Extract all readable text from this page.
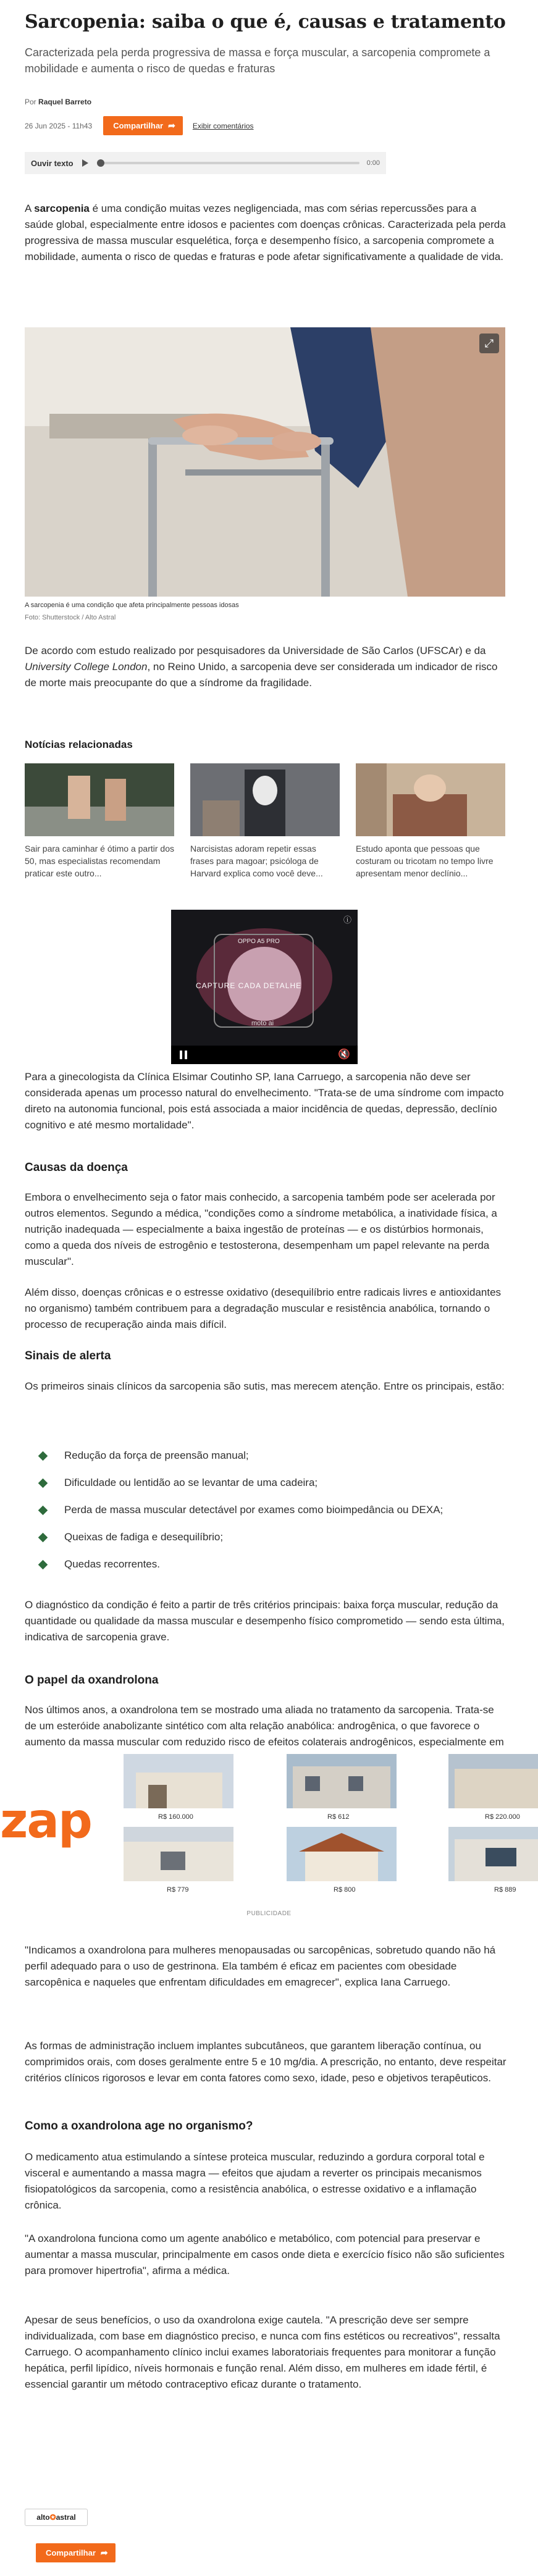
Sarcopenia: saiba o que é, causas e tratamento

Caracterizada pela perda progressiva de massa e força muscular, a sarcopenia compromete a mobilidade e aumenta o risco de quedas e fraturas

Por Raquel Barreto
26 Jun 2025 - 11h43	Compartilhar ➦ Exibir comentários
Ouvir texto	0:00

A sarcopenia é uma condição muitas vezes negligenciada, mas com sérias repercussões para a saúde global, especialmente entre idosos e pacientes com doenças crônicas. Caracterizada pela perda progressiva de massa muscular esquelética, força e desempenho físico, a sarcopenia compromete a mobilidade, aumenta o risco de quedas e fraturas e pode afetar significativamente a qualidade de vida.

⤢
A sarcopenia é uma condição que afeta principalmente pessoas idosas
Foto: Shutterstock / Alto Astral

De acordo com estudo realizado por pesquisadores da Universidade de São Carlos (UFSCAr) e da University College London, no Reino Unido, a sarcopenia deve ser considerada um indicador de risco de morte mais preocupante do que a síndrome da fragilidade.

Notícias relacionadas

Sair para caminhar é ótimo a partir dos 50, mas especialistas recomendam praticar este outro...

Narcisistas adoram repetir essas frases para magoar; psicóloga de Harvard explica como você deve...

Estudo aponta que pessoas que costuram ou tricotam no tempo livre apresentam menor declínio...

ⓘ
OPPO A5 PRO
CAPTURE CADA DETALHE
moto ai
🔇

Para a ginecologista da Clínica Elsimar Coutinho SP, Iana Carruego, a sarcopenia não deve ser considerada apenas um processo natural do envelhecimento. "Trata-se de uma síndrome com impacto direto na autonomia funcional, pois está associada a maior incidência de quedas, depressão, declínio cognitivo e até mesmo mortalidade".

Causas da doença

Embora o envelhecimento seja o fator mais conhecido, a sarcopenia também pode ser acelerada por outros elementos. Segundo a médica, "condições como a síndrome metabólica, a inatividade física, a nutrição inadequada — especialmente a baixa ingestão de proteínas — e os distúrbios hormonais, como a queda dos níveis de estrogênio e testosterona, desempenham um papel relevante na perda muscular".

Além disso, doenças crônicas e o estresse oxidativo (desequilíbrio entre radicais livres e antioxidantes no organismo) também contribuem para a degradação muscular e resistência anabólica, tornando o processo de recuperação ainda mais difícil.

Sinais de alerta

Os primeiros sinais clínicos da sarcopenia são sutis, mas merecem atenção. Entre os principais, estão:

Redução da força de preensão manual;
Dificuldade ou lentidão ao se levantar de uma cadeira;
Perda de massa muscular detectável por exames como bioimpedância ou DEXA;
Queixas de fadiga e desequilíbrio;
Quedas recorrentes.

O diagnóstico da condição é feito a partir de três critérios principais: baixa força muscular, redução da quantidade ou qualidade da massa muscular e desempenho físico comprometido — sendo esta última, indicativa de sarcopenia grave.

O papel da oxandrolona

Nos últimos anos, a oxandrolona tem se mostrado uma aliada no tratamento da sarcopenia. Trata-se de um esteróide anabolizante sintético com alta relação anabólica: androgênica, o que favorece o aumento da massa muscular com reduzido risco de efeitos colaterais androgênicos, especialmente em

zap	R$ 160.000	R$ 612	R$ 220.000
R$ 779	R$ 800	R$ 889
PUBLICIDADE

"Indicamos a oxandrolona para mulheres menopausadas ou sarcopênicas, sobretudo quando não há perfil adequado para o uso de gestrinona. Ela também é eficaz em pacientes com obesidade sarcopênica e naqueles que enfrentam dificuldades em emagrecer", explica Iana Carruego.

As formas de administração incluem implantes subcutâneos, que garantem liberação contínua, ou comprimidos orais, com doses geralmente entre 5 e 10 mg/dia. A prescrição, no entanto, deve respeitar critérios clínicos rigorosos e levar em conta fatores como sexo, idade, peso e objetivos terapêuticos.

Como a oxandrolona age no organismo?

O medicamento atua estimulando a síntese proteica muscular, reduzindo a gordura corporal total e visceral e aumentando a massa magra — efeitos que ajudam a reverter os principais mecanismos fisiopatológicos da sarcopenia, como a resistência anabólica, o estresse oxidativo e a inflamação crônica.

"A oxandrolona funciona como um agente anabólico e metabólico, com potencial para preservar e aumentar a massa muscular, principalmente em casos onde dieta e exercício físico não são suficientes para promover hipertrofia", afirma a médica.

Apesar de seus benefícios, o uso da oxandrolona exige cautela. "A prescrição deve ser sempre individualizada, com base em diagnóstico preciso, e nunca com fins estéticos ou recreativos", ressalta Carruego. O acompanhamento clínico inclui exames laboratoriais frequentes para monitorar a função hepática, perfil lipídico, níveis hormonais e função renal. Além disso, em mulheres em idade fértil, é essencial garantir um método contraceptivo eficaz durante o tratamento.

alto ✪ astral
Compartilhar ➦
